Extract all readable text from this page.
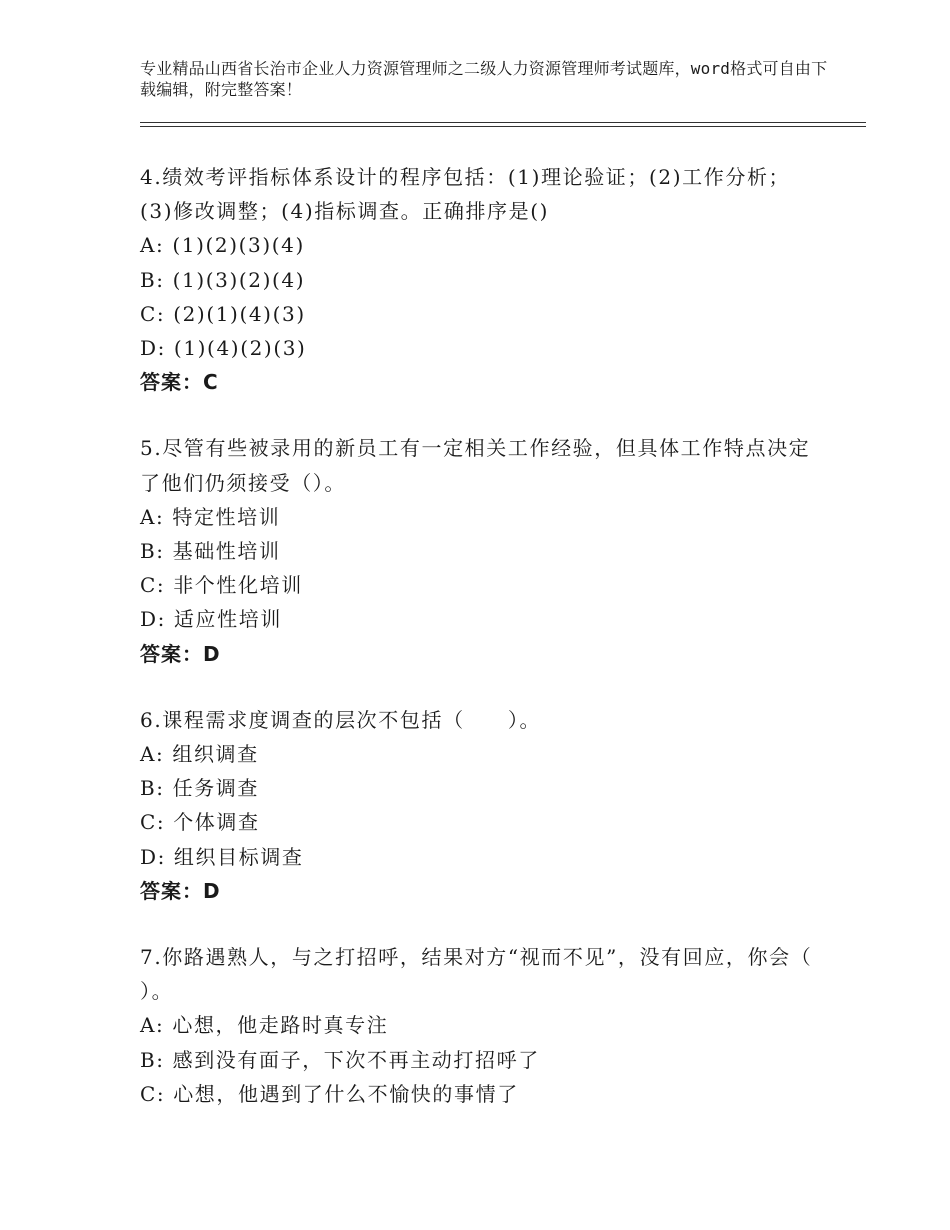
专业精品山西省长治市企业人力资源管理师之二级人力资源管理师考试题库，word格式可自由下载编辑，附完整答案！

4.绩效考评指标体系设计的程序包括：(1)理论验证；(2)工作分析；(3)修改调整；(4)指标调查。正确排序是()

A: (1)(2)(3)(4)

B: (1)(3)(2)(4)

C: (2)(1)(4)(3)

D: (1)(4)(2)(3)

答案：C

5.尽管有些被录用的新员工有一定相关工作经验，但具体工作特点决定了他们仍须接受（）。

A: 特定性培训

B: 基础性培训

C: 非个性化培训

D: 适应性培训

答案：D

6.课程需求度调查的层次不包括（　　）。

A: 组织调查

B: 任务调查

C: 个体调查

D: 组织目标调查

答案：D

7.你路遇熟人，与之打招呼，结果对方“视而不见”，没有回应，你会（ ）。

A: 心想，他走路时真专注

B: 感到没有面子，下次不再主动打招呼了

C: 心想，他遇到了什么不愉快的事情了
